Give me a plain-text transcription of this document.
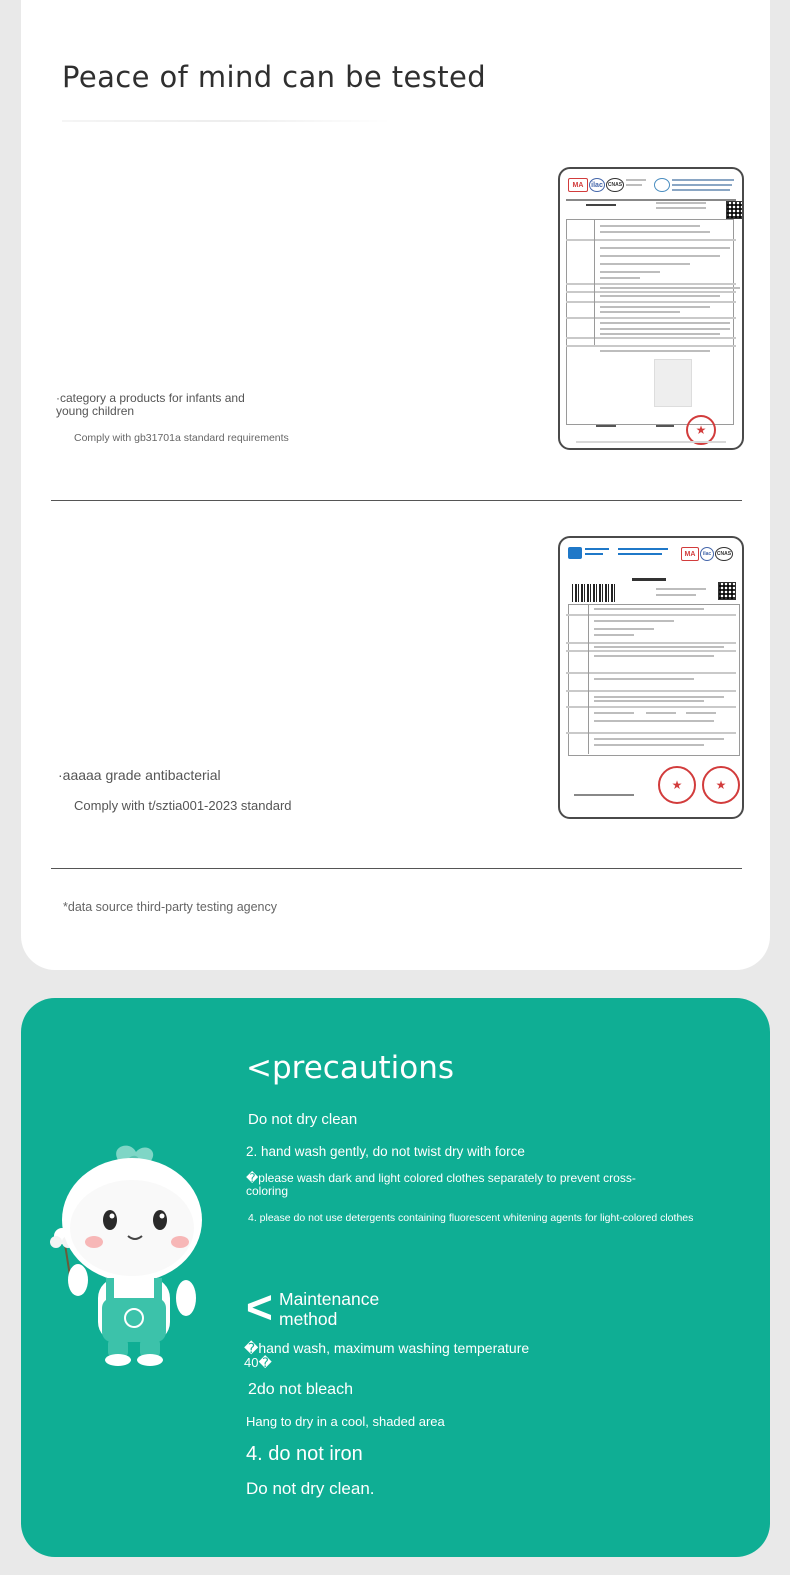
Peace of mind can be tested
·category a products for infants and young children
Comply with gb31701a standard requirements
MA	ilac	CNAS
★
·aaaaa grade antibacterial
Comply with t/sztia001-2023 standard
MA	ilac	CNAS
★	★
*data source third-party testing agency
<precautions
Do not dry clean
2. hand wash gently, do not twist dry with force
�please wash dark and light colored clothes separately to prevent cross-
coloring
4. please do not use detergents containing fluorescent whitening agents for light-colored clothes
< Maintenance
method
�hand wash, maximum washing temperature
40�
2do not bleach
Hang to dry in a cool, shaded area
4. do not iron
Do not dry clean.
